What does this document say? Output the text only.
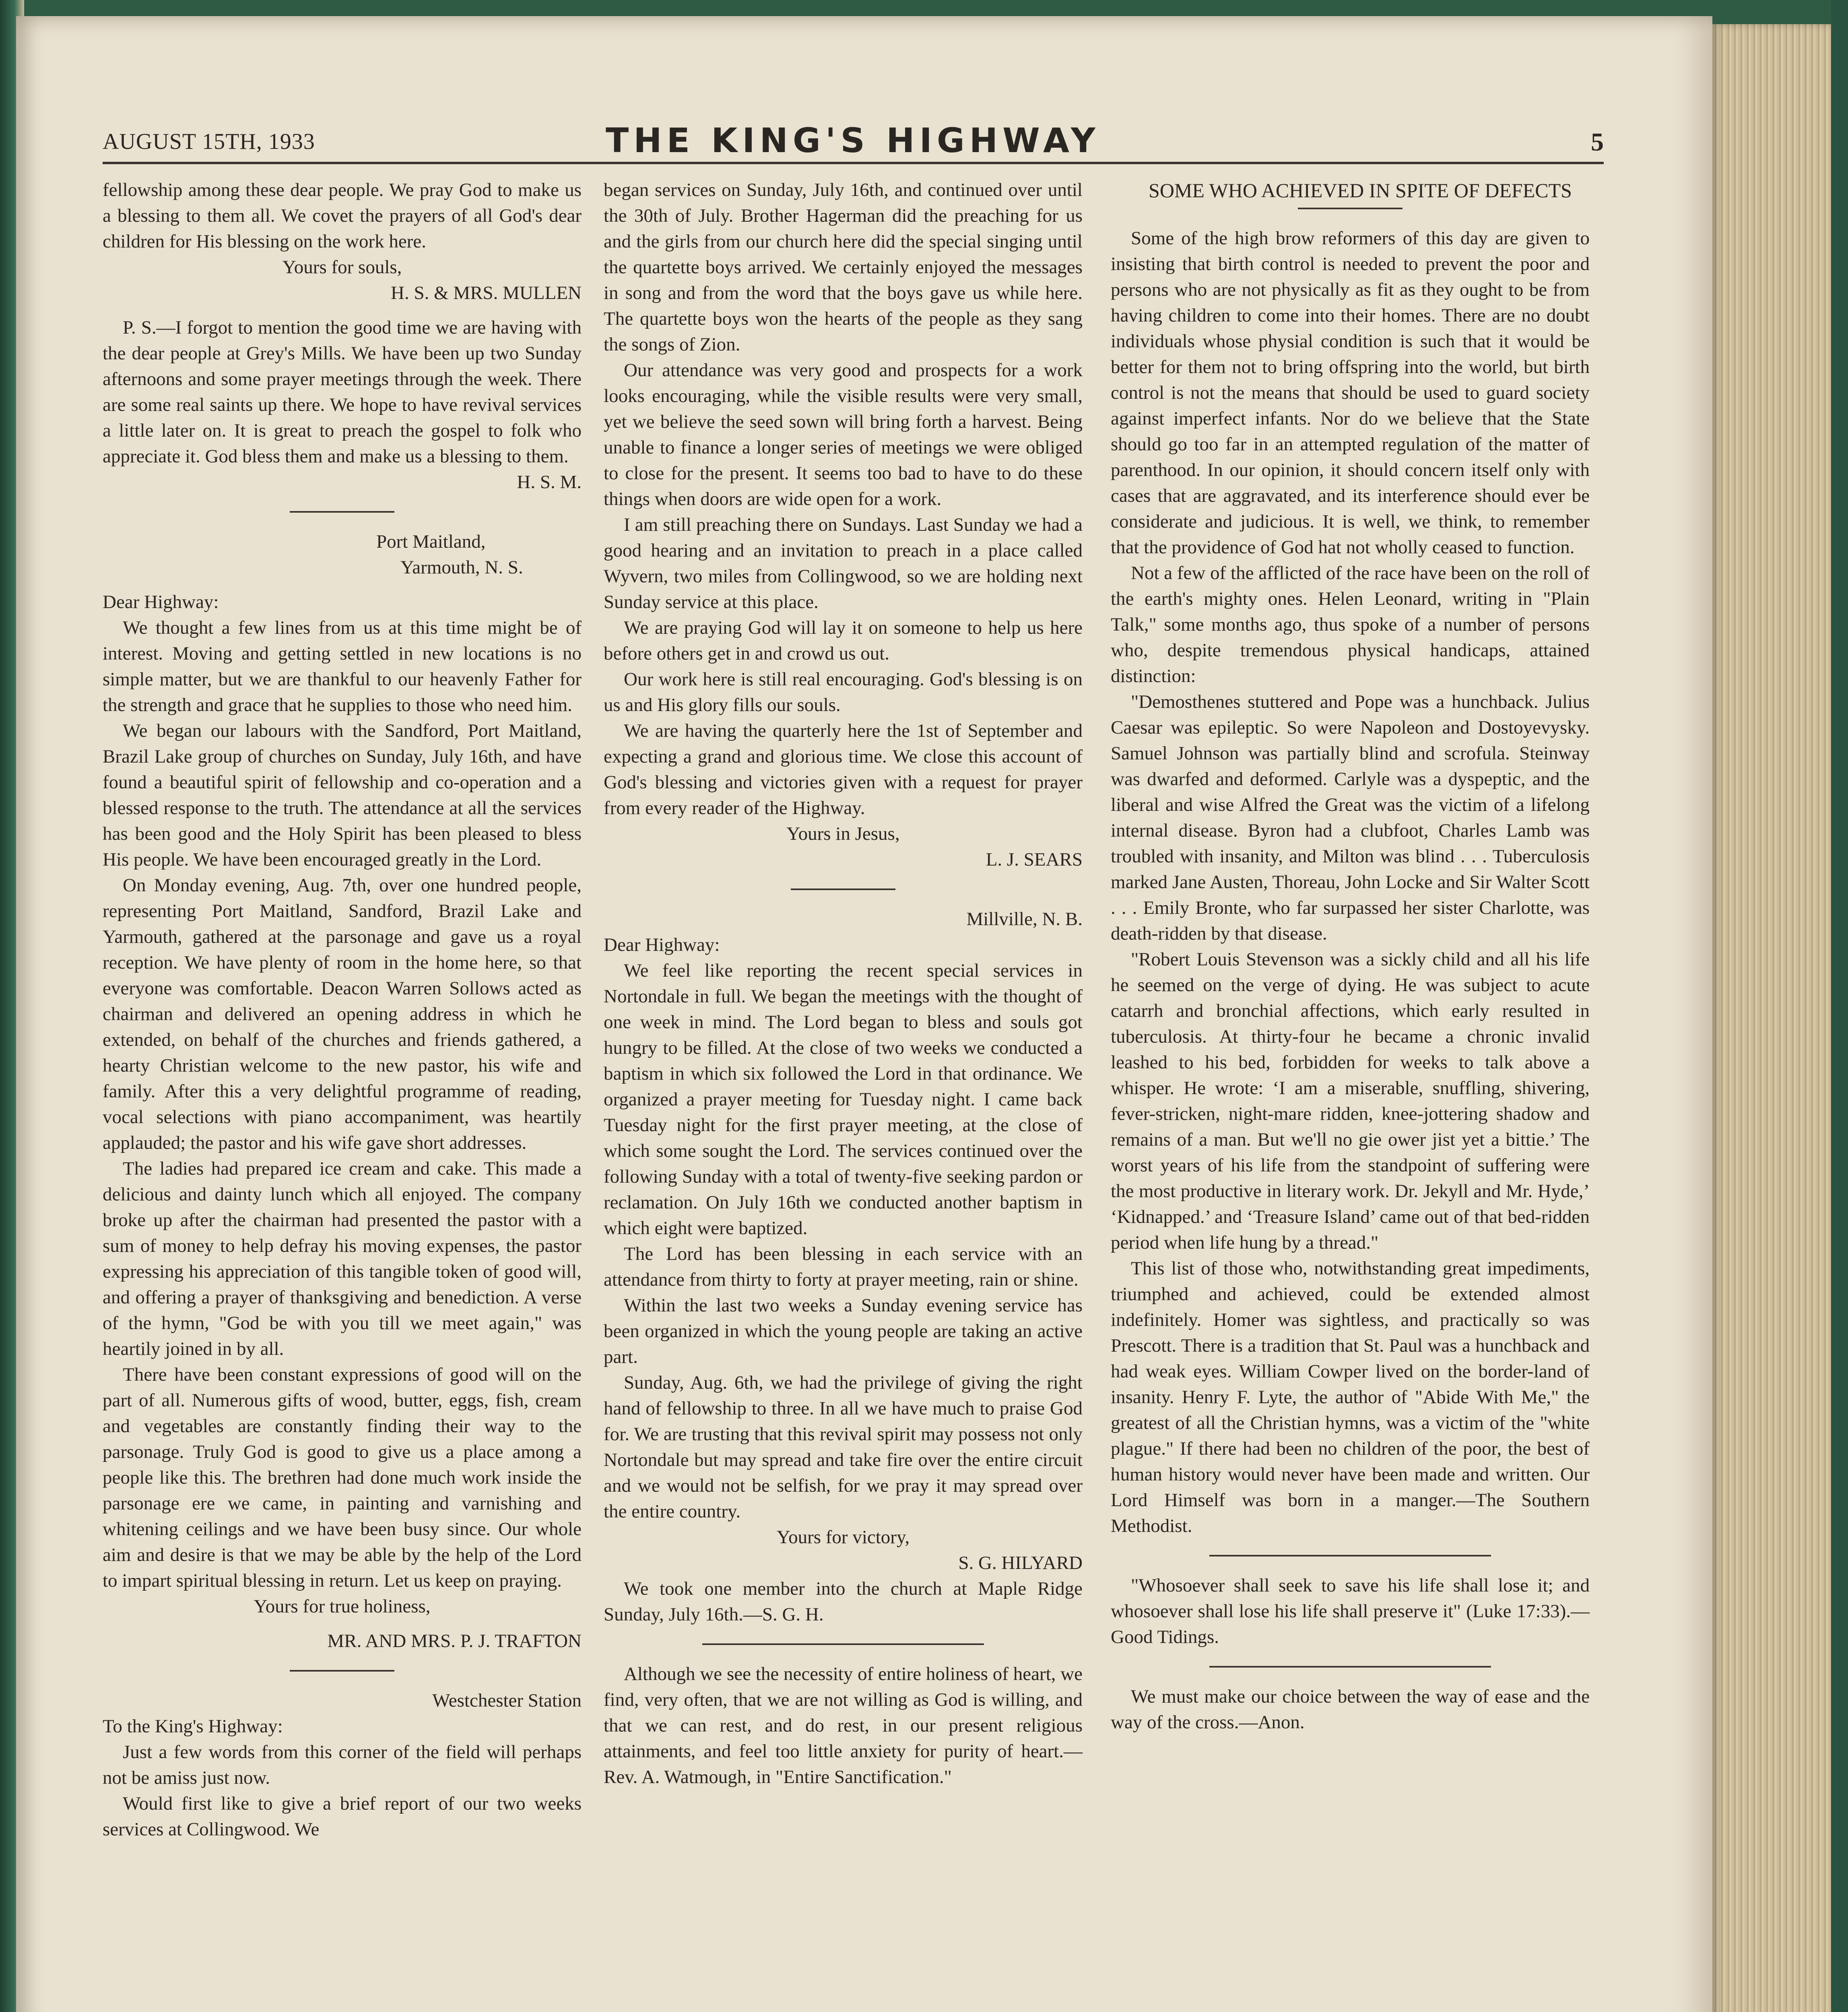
AUGUST 15TH, 1933	THE KING'S HIGHWAY	5

fellowship among these dear people. We pray God to make us a blessing to them all. We covet the prayers of all God's dear children for His blessing on the work here.

Yours for souls,

H. S. & MRS. MULLEN

P. S.—I forgot to mention the good time we are having with the dear people at Grey's Mills. We have been up two Sunday afternoons and some prayer meetings through the week. There are some real saints up there. We hope to have revival services a little later on. It is great to preach the gospel to folk who appreciate it. God bless them and make us a blessing to them.

H. S. M.

Port Maitland,

Yarmouth, N. S.

Dear Highway:

We thought a few lines from us at this time might be of interest. Moving and getting settled in new locations is no simple matter, but we are thankful to our heavenly Father for the strength and grace that he supplies to those who need him.

We began our labours with the Sandford, Port Maitland, Brazil Lake group of churches on Sunday, July 16th, and have found a beautiful spirit of fellowship and co-operation and a blessed response to the truth. The attendance at all the services has been good and the Holy Spirit has been pleased to bless His people. We have been encouraged greatly in the Lord.

On Monday evening, Aug. 7th, over one hundred people, representing Port Maitland, Sandford, Brazil Lake and Yarmouth, gathered at the parsonage and gave us a royal reception. We have plenty of room in the home here, so that everyone was comfortable. Deacon Warren Sollows acted as chairman and delivered an opening address in which he extended, on behalf of the churches and friends gathered, a hearty Christian welcome to the new pastor, his wife and family. After this a very delightful programme of reading, vocal selections with piano accompaniment, was heartily applauded; the pastor and his wife gave short addresses.

The ladies had prepared ice cream and cake. This made a delicious and dainty lunch which all enjoyed. The company broke up after the chairman had presented the pastor with a sum of money to help defray his moving expenses, the pastor expressing his appreciation of this tangible token of good will, and offering a prayer of thanksgiving and benediction. A verse of the hymn, "God be with you till we meet again," was heartily joined in by all.

There have been constant expressions of good will on the part of all. Numerous gifts of wood, butter, eggs, fish, cream and vegetables are constantly finding their way to the parsonage. Truly God is good to give us a place among a people like this. The brethren had done much work inside the parsonage ere we came, in painting and varnishing and whitening ceilings and we have been busy since. Our whole aim and desire is that we may be able by the help of the Lord to impart spiritual blessing in return. Let us keep on praying.

Yours for true holiness,

MR. AND MRS. P. J. TRAFTON

Westchester Station

To the King's Highway:

Just a few words from this corner of the field will perhaps not be amiss just now.

Would first like to give a brief report of our two weeks services at Collingwood. We

began services on Sunday, July 16th, and continued over until the 30th of July. Brother Hagerman did the preaching for us and the girls from our church here did the special singing until the quartette boys arrived. We certainly enjoyed the messages in song and from the word that the boys gave us while here. The quartette boys won the hearts of the people as they sang the songs of Zion.

Our attendance was very good and prospects for a work looks encouraging, while the visible results were very small, yet we believe the seed sown will bring forth a harvest. Being unable to finance a longer series of meetings we were obliged to close for the present. It seems too bad to have to do these things when doors are wide open for a work.

I am still preaching there on Sundays. Last Sunday we had a good hearing and an invitation to preach in a place called Wyvern, two miles from Collingwood, so we are holding next Sunday service at this place.

We are praying God will lay it on someone to help us here before others get in and crowd us out.

Our work here is still real encouraging. God's blessing is on us and His glory fills our souls.

We are having the quarterly here the 1st of September and expecting a grand and glorious time. We close this account of God's blessing and victories given with a request for prayer from every reader of the Highway.

Yours in Jesus,

L. J. SEARS

Millville, N. B.

Dear Highway:

We feel like reporting the recent special services in Nortondale in full. We began the meetings with the thought of one week in mind. The Lord began to bless and souls got hungry to be filled. At the close of two weeks we conducted a baptism in which six followed the Lord in that ordinance. We organized a prayer meeting for Tuesday night. I came back Tuesday night for the first prayer meeting, at the close of which some sought the Lord. The services continued over the following Sunday with a total of twenty-five seeking pardon or reclamation. On July 16th we conducted another baptism in which eight were baptized.

The Lord has been blessing in each service with an attendance from thirty to forty at prayer meeting, rain or shine.

Within the last two weeks a Sunday evening service has been organized in which the young people are taking an active part.

Sunday, Aug. 6th, we had the privilege of giving the right hand of fellowship to three. In all we have much to praise God for. We are trusting that this revival spirit may possess not only Nortondale but may spread and take fire over the entire circuit and we would not be selfish, for we pray it may spread over the entire country.

Yours for victory,

S. G. HILYARD

We took one member into the church at Maple Ridge Sunday, July 16th.—S. G. H.

Although we see the necessity of entire holiness of heart, we find, very often, that we are not willing as God is willing, and that we can rest, and do rest, in our present religious attainments, and feel too little anxiety for purity of heart.—Rev. A. Watmough, in "Entire Sanctification."

SOME WHO ACHIEVED IN SPITE OF DEFECTS

Some of the high brow reformers of this day are given to insisting that birth control is needed to prevent the poor and persons who are not physically as fit as they ought to be from having children to come into their homes. There are no doubt individuals whose physial condition is such that it would be better for them not to bring offspring into the world, but birth control is not the means that should be used to guard society against imperfect infants. Nor do we believe that the State should go too far in an attempted regulation of the matter of parenthood. In our opinion, it should concern itself only with cases that are aggravated, and its interference should ever be considerate and judicious. It is well, we think, to remember that the providence of God hat not wholly ceased to function.

Not a few of the afflicted of the race have been on the roll of the earth's mighty ones. Helen Leonard, writing in "Plain Talk," some months ago, thus spoke of a number of persons who, despite tremendous physical handicaps, attained distinction:

"Demosthenes stuttered and Pope was a hunchback. Julius Caesar was epileptic. So were Napoleon and Dostoyevysky. Samuel Johnson was partially blind and scrofula. Steinway was dwarfed and deformed. Carlyle was a dyspeptic, and the liberal and wise Alfred the Great was the victim of a lifelong internal disease. Byron had a clubfoot, Charles Lamb was troubled with insanity, and Milton was blind . . . Tuberculosis marked Jane Austen, Thoreau, John Locke and Sir Walter Scott . . . Emily Bronte, who far surpassed her sister Charlotte, was death-ridden by that disease.

"Robert Louis Stevenson was a sickly child and all his life he seemed on the verge of dying. He was subject to acute catarrh and bronchial affections, which early resulted in tuberculosis. At thirty-four he became a chronic invalid leashed to his bed, forbidden for weeks to talk above a whisper. He wrote: ‘I am a miserable, snuffling, shivering, fever-stricken, night-mare ridden, knee-jottering shadow and remains of a man. But we'll no gie ower jist yet a bittie.’ The worst years of his life from the standpoint of suffering were the most productive in literary work. Dr. Jekyll and Mr. Hyde,’ ‘Kidnapped.’ and ‘Treasure Island’ came out of that bed-ridden period when life hung by a thread."

This list of those who, notwithstanding great impediments, triumphed and achieved, could be extended almost indefinitely. Homer was sightless, and practically so was Prescott. There is a tradition that St. Paul was a hunchback and had weak eyes. William Cowper lived on the border-land of insanity. Henry F. Lyte, the author of "Abide With Me," the greatest of all the Christian hymns, was a victim of the "white plague." If there had been no children of the poor, the best of human history would never have been made and written. Our Lord Himself was born in a manger.—The Southern Methodist.

"Whosoever shall seek to save his life shall lose it; and whosoever shall lose his life shall preserve it" (Luke 17:33).—Good Tidings.

We must make our choice between the way of ease and the way of the cross.—Anon.
